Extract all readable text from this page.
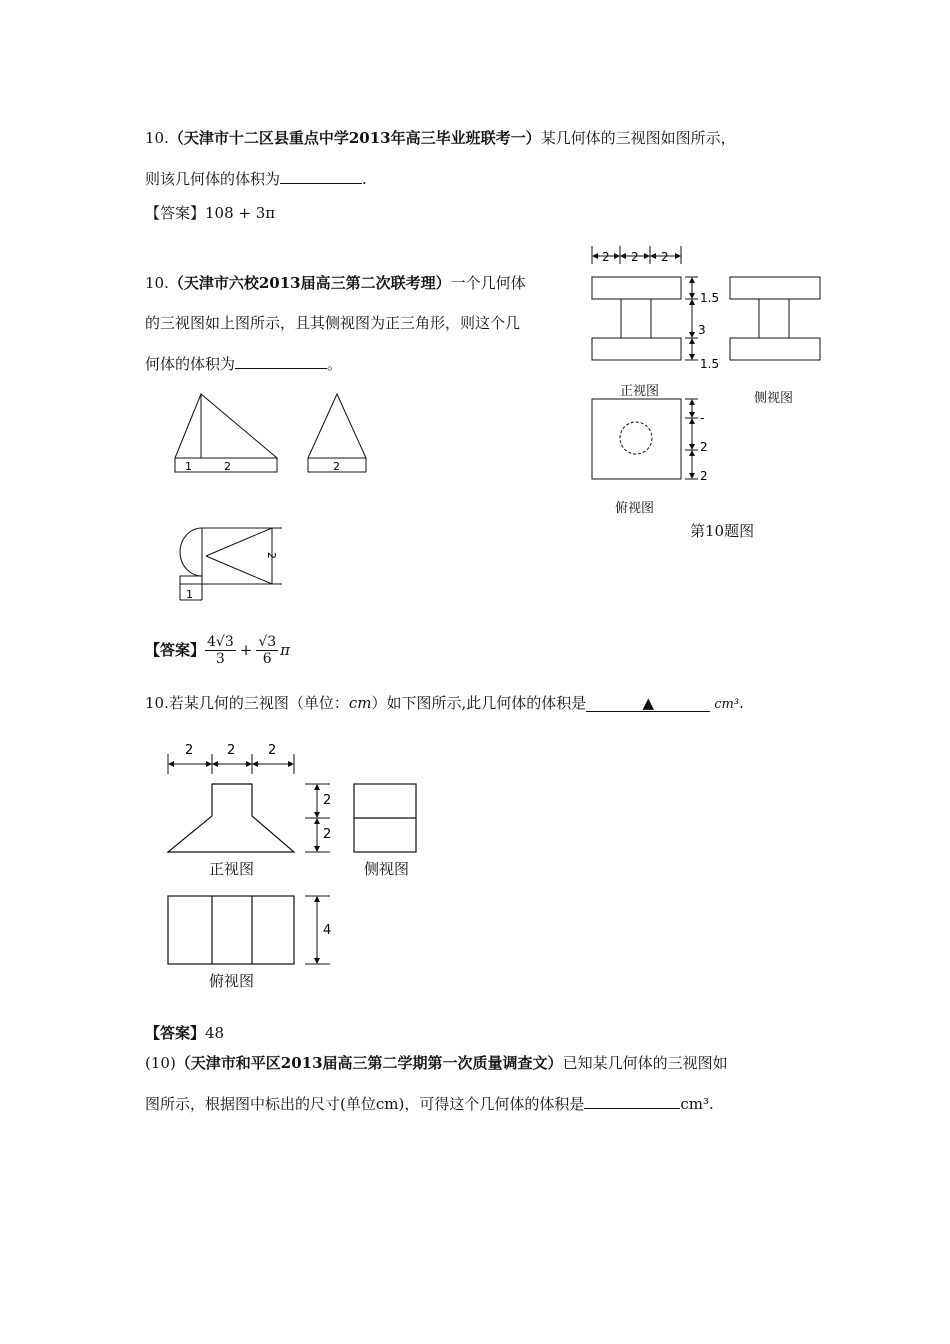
10.（天津市十二区县重点中学2013年高三毕业班联考一）某几何体的三视图如图所示，
则该几何体的体积为	.
【答案】108 + 3π
10.（天津市六校2013届高三第二次联考理）一个几何体
的三视图如上图所示，且其侧视图为正三角形，则这个几
何体的体积为	。
2 2 2
1.5
3
1.5
-
2
2
正视图	侧视图
俯视图
第10题图
1	2	2
2
1
【答案】 $\frac{4√3}{3} + \frac{√3}{6}$ π
10.若某几何的三视图（单位：cm）如下图所示,此几何体的体积是	▲	cm³.
2	2	2
2
2
4
正视图	侧视图
俯视图
【答案】48
(10)（天津市和平区2013届高三第二学期第一次质量调查文）已知某几何体的三视图如
图所示，根据图中标出的尺寸(单位cm)，可得这个几何体的体积是	cm³.
